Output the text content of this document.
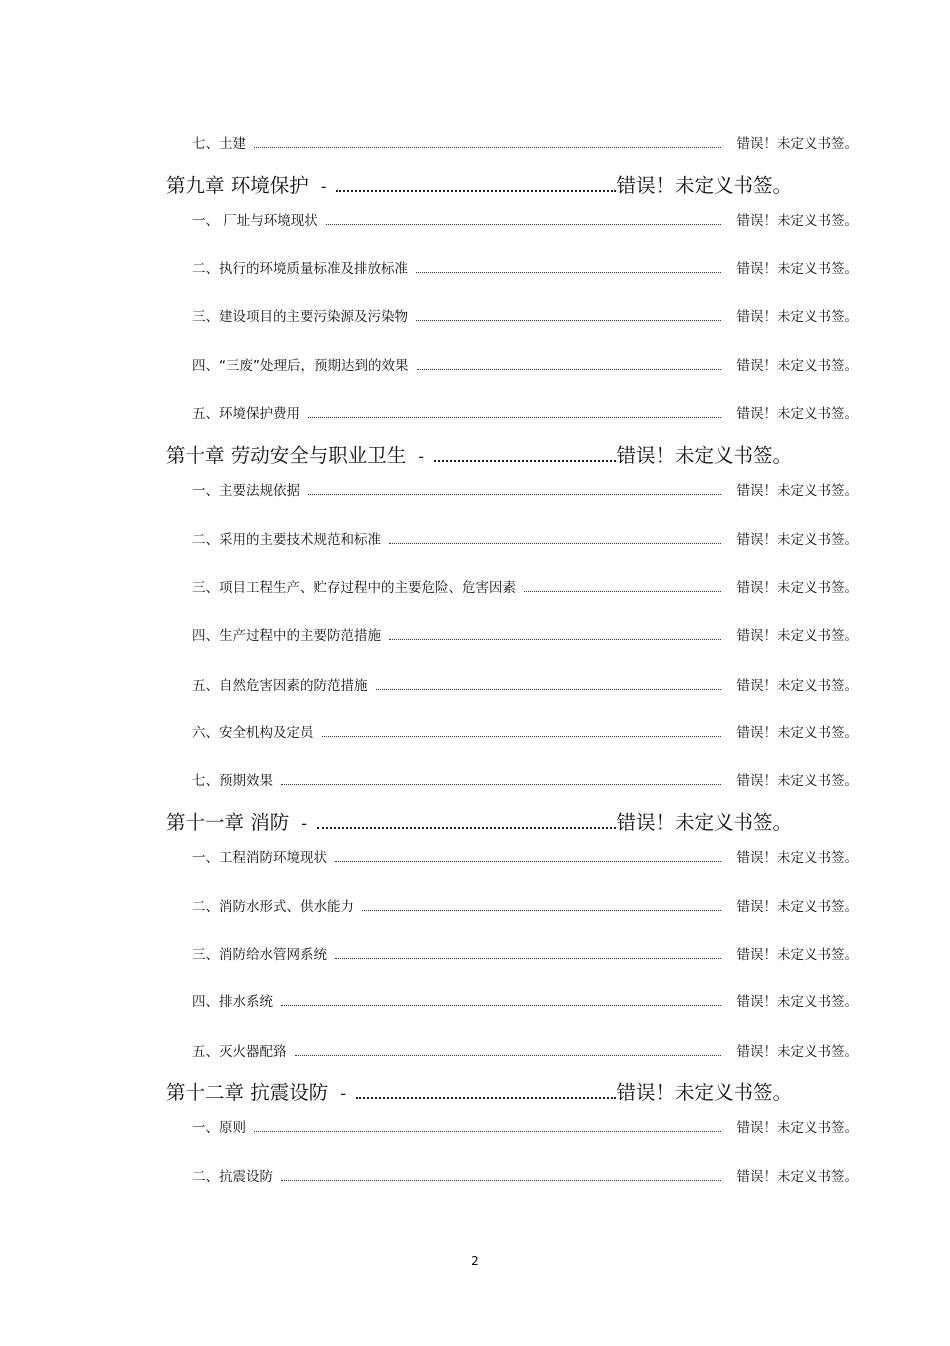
七、土建	错误！未定义书签。
第九章 环境保护 -	错误！未定义书签。
一、 厂址与环境现状	错误！未定义书签。
二、执行的环境质量标准及排放标准	错误！未定义书签。
三、建设项目的主要污染源及污染物	错误！未定义书签。
四、“三废”处理后，预期达到的效果	错误！未定义书签。
五、环境保护费用	错误！未定义书签。
第十章 劳动安全与职业卫生 -	错误！未定义书签。
一、主要法规依据	错误！未定义书签。
二、采用的主要技术规范和标准	错误！未定义书签。
三、项目工程生产、贮存过程中的主要危险、危害因素	错误！未定义书签。
四、生产过程中的主要防范措施	错误！未定义书签。
五、自然危害因素的防范措施	错误！未定义书签。
六、安全机构及定员	错误！未定义书签。
七、预期效果	错误！未定义书签。
第十一章 消防 -	错误！未定义书签。
一、工程消防环境现状	错误！未定义书签。
二、消防水形式、供水能力	错误！未定义书签。
三、消防给水管网系统	错误！未定义书签。
四、排水系统	错误！未定义书签。
五、灭火器配臵	错误！未定义书签。
第十二章 抗震设防 -	错误！未定义书签。
一、原则	错误！未定义书签。
二、抗震设防	错误！未定义书签。
2
